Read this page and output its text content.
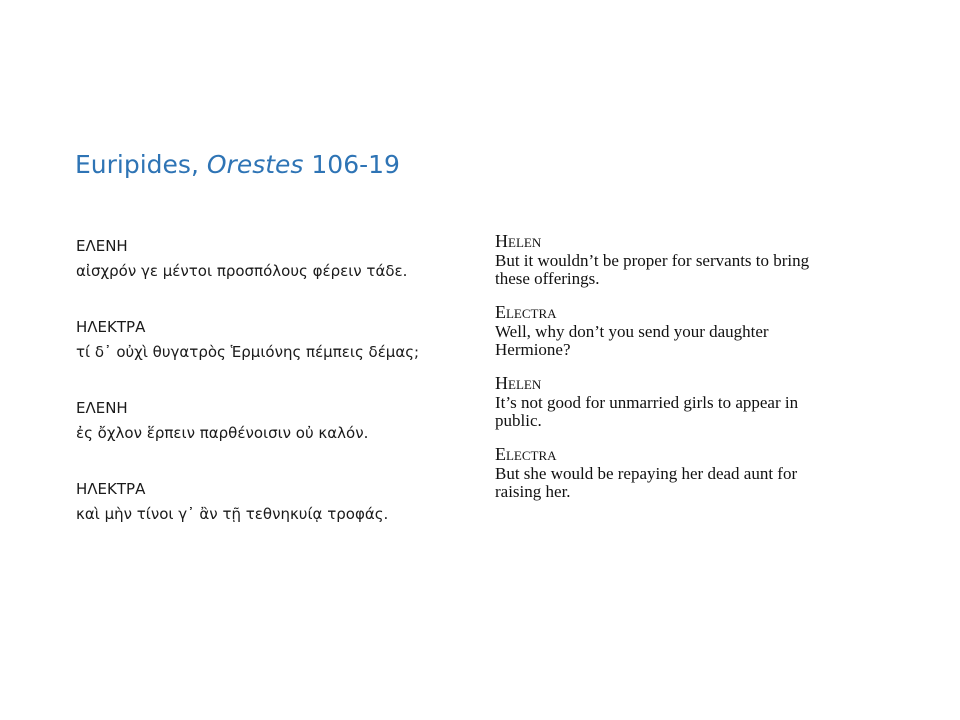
Euripides, Orestes 106-19
ΕΛΕΝΗ
αἰσχρόν γε μέντοι προσπόλους φέρειν τάδε.
ΗΛΕΚΤΡΑ
τί δ᾽ οὐχὶ θυγατρὸς Ἑρμιόνης πέμπεις δέμας;
ΕΛΕΝΗ
ἐς ὄχλον ἕρπειν παρθένοισιν οὐ καλόν.
ΗΛΕΚΤΡΑ
καὶ μὴν τίνοι γ᾽ ἂν τῇ τεθνηκυίᾳ τροφάς.
Helen
But it wouldn’t be proper for servants to bring
these offerings.
Electra
Well, why don’t you send your daughter
Hermione?
Helen
It’s not good for unmarried girls to appear in
public.
Electra
But she would be repaying her dead aunt for
raising her.
